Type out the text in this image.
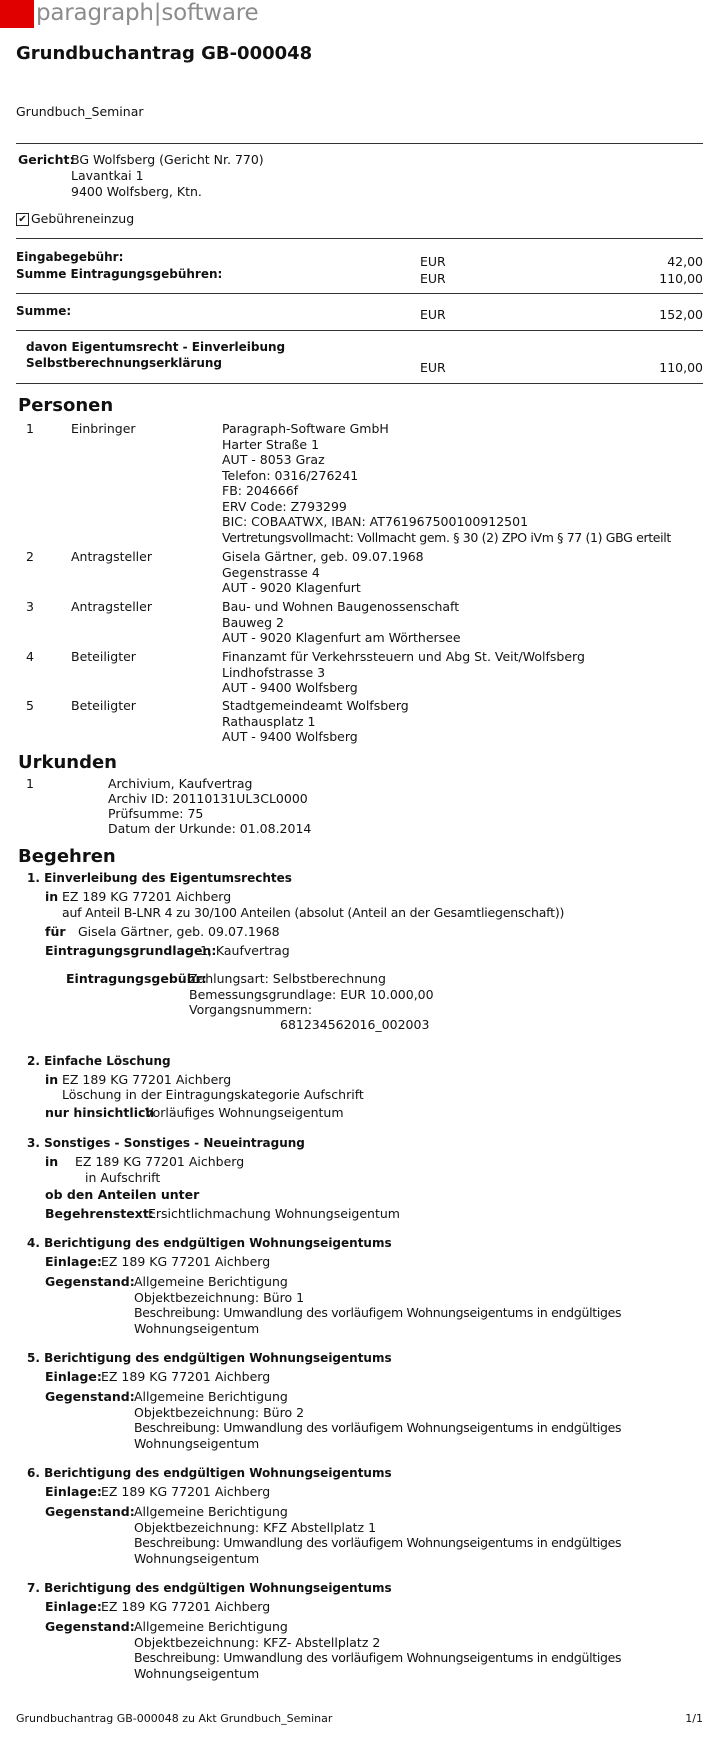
paragraph|software
Grundbuchantrag GB-000048
Grundbuch_Seminar
Gericht:
BG Wolfsberg (Gericht Nr. 770)
Lavantkai 1
9400 Wolfsberg, Ktn.
✔ Gebühreneinzug
Eingabegebühr:	EUR	42,00
Summe Eintragungsgebühren:	EUR	110,00
Summe:	EUR	152,00
davon Eigentumsrecht - Einverleibung
Selbstberechnungserklärung	EUR	110,00
Personen
1	Einbringer	Paragraph-Software GmbH
Harter Straße 1
AUT - 8053 Graz
Telefon: 0316/276241
FB: 204666f
ERV Code: Z793299
BIC: COBAATWX, IBAN: AT761967500100912501
Vertretungsvollmacht: Vollmacht gem. § 30 (2) ZPO iVm § 77 (1) GBG erteilt
2	Antragsteller	Gisela Gärtner, geb. 09.07.1968
Gegenstrasse 4
AUT - 9020 Klagenfurt
3	Antragsteller	Bau- und Wohnen Baugenossenschaft
Bauweg 2
AUT - 9020 Klagenfurt am Wörthersee
4	Beteiligter	Finanzamt für Verkehrssteuern und Abg St. Veit/Wolfsberg
Lindhofstrasse 3
AUT - 9400 Wolfsberg
5	Beteiligter	Stadtgemeindeamt Wolfsberg
Rathausplatz 1
AUT - 9400 Wolfsberg
Urkunden
1	Archivium, Kaufvertrag
Archiv ID: 20110131UL3CL0000
Prüfsumme: 75
Datum der Urkunde: 01.08.2014
Begehren
1. Einverleibung des Eigentumsrechtes
in EZ 189 KG 77201 Aichberg
auf Anteil B-LNR 4 zu 30/100 Anteilen (absolut (Anteil an der Gesamtliegenschaft))
für Gisela Gärtner, geb. 09.07.1968
Eintragungsgrundlagen:
1, Kaufvertrag
Eintragungsgebühr:
Zahlungsart: Selbstberechnung
Bemessungsgrundlage: EUR 10.000,00
Vorgangsnummern:
681234562016_002003
2. Einfache Löschung
in EZ 189 KG 77201 Aichberg
Löschung in der Eintragungskategorie Aufschrift
nur hinsichtlich
Vorläufiges Wohnungseigentum
3. Sonstiges - Sonstiges - Neueintragung
in EZ 189 KG 77201 Aichberg
in Aufschrift
ob den Anteilen unter
Begehrenstext:
Ersichtlichmachung Wohnungseigentum
4. Berichtigung des endgültigen Wohnungseigentums
Einlage: EZ 189 KG 77201 Aichberg
Gegenstand: Allgemeine Berichtigung
Objektbezeichnung: Büro 1
Beschreibung: Umwandlung des vorläufigem Wohnungseigentums in endgültiges
Wohnungseigentum
5. Berichtigung des endgültigen Wohnungseigentums
Einlage: EZ 189 KG 77201 Aichberg
Gegenstand: Allgemeine Berichtigung
Objektbezeichnung: Büro 2
Beschreibung: Umwandlung des vorläufigem Wohnungseigentums in endgültiges
Wohnungseigentum
6. Berichtigung des endgültigen Wohnungseigentums
Einlage: EZ 189 KG 77201 Aichberg
Gegenstand: Allgemeine Berichtigung
Objektbezeichnung: KFZ Abstellplatz 1
Beschreibung: Umwandlung des vorläufigem Wohnungseigentums in endgültiges
Wohnungseigentum
7. Berichtigung des endgültigen Wohnungseigentums
Einlage: EZ 189 KG 77201 Aichberg
Gegenstand: Allgemeine Berichtigung
Objektbezeichnung: KFZ- Abstellplatz 2
Beschreibung: Umwandlung des vorläufigem Wohnungseigentums in endgültiges
Wohnungseigentum
Grundbuchantrag GB-000048 zu Akt Grundbuch_Seminar	1/1
